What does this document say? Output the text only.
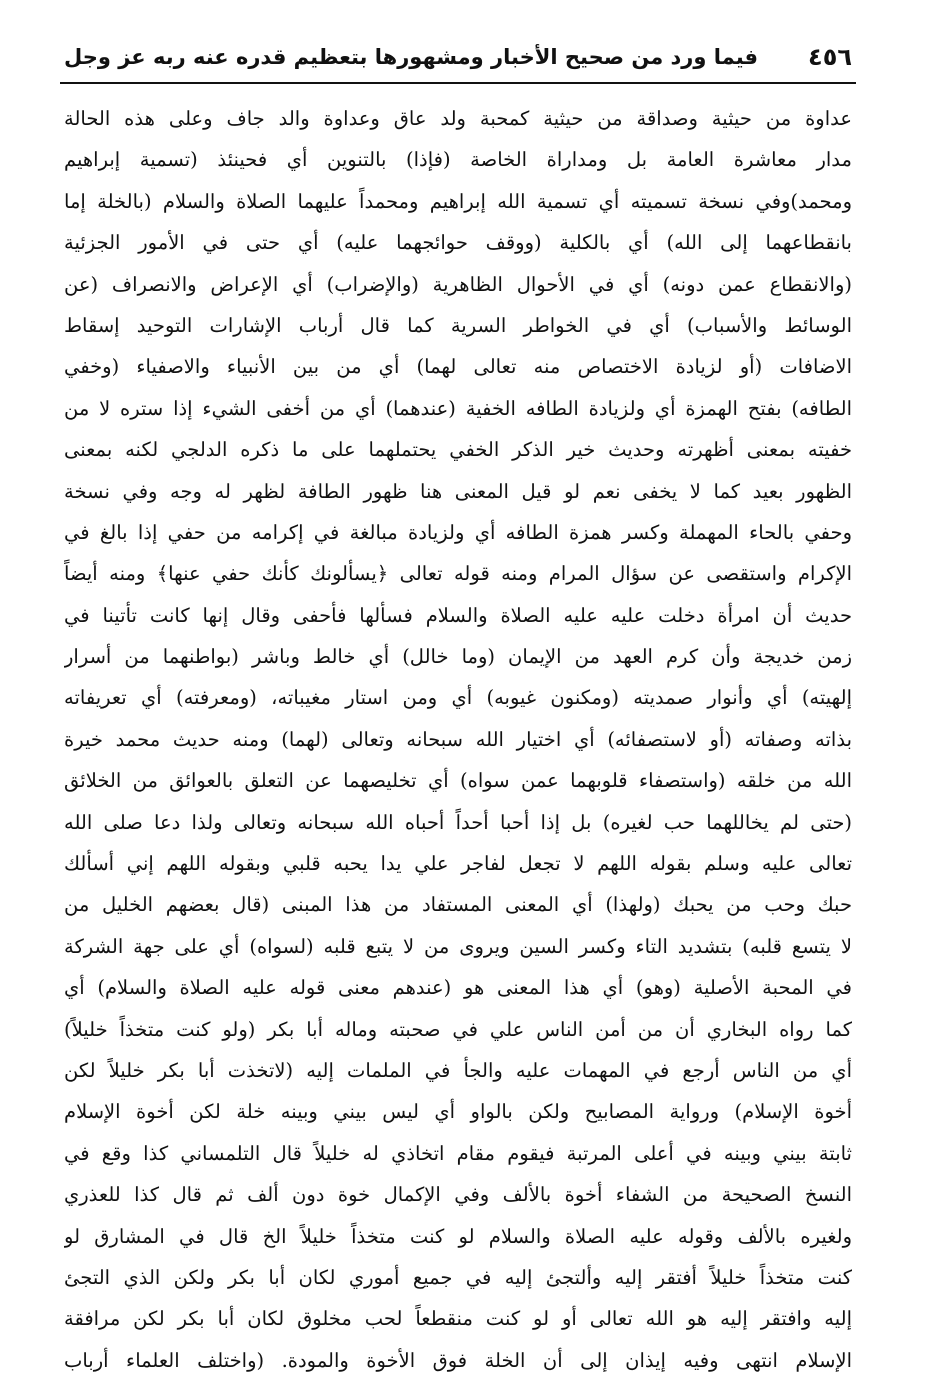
٤٥٦
فيما ورد من صحيح الأخبار ومشهورها بتعظيم قدره عنه ربه عز وجل
عداوة من حيثية وصداقة من حيثية كمحبة ولد عاق وعداوة والد جاف وعلى هذه الحالة
مدار معاشرة العامة بل ومداراة الخاصة (فإذا) بالتنوين أي فحينئذ (تسمية إبراهيم
ومحمد)وفي نسخة تسميته أي تسمية الله إبراهيم ومحمداً عليهما الصلاة والسلام (بالخلة إما
بانقطاعهما إلى الله) أي بالكلية (ووقف حوائجهما عليه) أي حتى في الأمور الجزئية
(والانقطاع عمن دونه) أي في الأحوال الظاهرية (والإضراب) أي الإعراض والانصراف (عن
الوسائط والأسباب) أي في الخواطر السرية كما قال أرباب الإشارات التوحيد إسقاط
الاضافات (أو لزيادة الاختصاص منه تعالى لهما) أي من بين الأنبياء والاصفياء (وخفي
الطافه) بفتح الهمزة أي ولزيادة الطافه الخفية (عندهما) أي من أخفى الشيء إذا ستره لا من
خفيته بمعنى أظهرته وحديث خير الذكر الخفي يحتملهما على ما ذكره الدلجي لكنه بمعنى
الظهور بعيد كما لا يخفى نعم لو قيل المعنى هنا ظهور الطافة لظهر له وجه وفي نسخة
وحفي بالحاء المهملة وكسر همزة الطافه أي ولزيادة مبالغة في إكرامه من حفي إذا بالغ في
الإكرام واستقصى عن سؤال المرام ومنه قوله تعالى ﴿يسألونك كأنك حفي عنها﴾ ومنه أيضاً
حديث أن امرأة دخلت عليه عليه الصلاة والسلام فسألها فأحفى وقال إنها كانت تأتينا في
زمن خديجة وأن كرم العهد من الإيمان (وما خالل) أي خالط وباشر (بواطنهما من أسرار
إلهيته) أي وأنوار صمديته (ومكنون غيوبه) أي ومن استار مغيباته، (ومعرفته) أي تعريفاته
بذاته وصفاته (أو لاستصفائه) أي اختيار الله سبحانه وتعالى (لهما) ومنه حديث محمد خيرة
الله من خلقه (واستصفاء قلوبهما عمن سواه) أي تخليصهما عن التعلق بالعوائق من الخلائق
(حتى لم يخاللهما حب لغيره) بل إذا أحبا أحداً أحباه الله سبحانه وتعالى ولذا دعا صلى الله
تعالى عليه وسلم بقوله اللهم لا تجعل لفاجر علي يدا يحبه قلبي وبقوله اللهم إني أسألك
حبك وحب من يحبك (ولهذا) أي المعنى المستفاد من هذا المبنى (قال بعضهم الخليل من
لا يتسع قلبه) بتشديد التاء وكسر السين ويروى من لا يتبع قلبه (لسواه) أي على جهة الشركة
في المحبة الأصلية (وهو) أي هذا المعنى هو (عندهم معنى قوله عليه الصلاة والسلام) أي
كما رواه البخاري أن من أمن الناس علي في صحبته وماله أبا بكر (ولو كنت متخذاً خليلاً)
أي من الناس أرجع في المهمات عليه والجأ في الملمات إليه (لاتخذت أبا بكر خليلاً لكن
أخوة الإسلام) ورواية المصابيح ولكن بالواو أي ليس بيني وبينه خلة لكن أخوة الإسلام
ثابتة بيني وبينه في أعلى المرتبة فيقوم مقام اتخاذي له خليلاً قال التلمساني كذا وقع في
النسخ الصحيحة من الشفاء أخوة بالألف وفي الإكمال خوة دون ألف ثم قال كذا للعذري
ولغيره بالألف وقوله عليه الصلاة والسلام لو كنت متخذاً خليلاً الخ قال في المشارق لو
كنت متخذاً خليلاً أفتقر إليه وألتجئ إليه في جميع أموري لكان أبا بكر ولكن الذي التجئ
إليه وافتقر إليه هو الله تعالى أو لو كنت منقطعاً لحب مخلوق لكان أبا بكر لكن مرافقة
الإسلام انتهى وفيه إيذان إلى أن الخلة فوق الأخوة والمودة. (واختلف العلماء أرباب
